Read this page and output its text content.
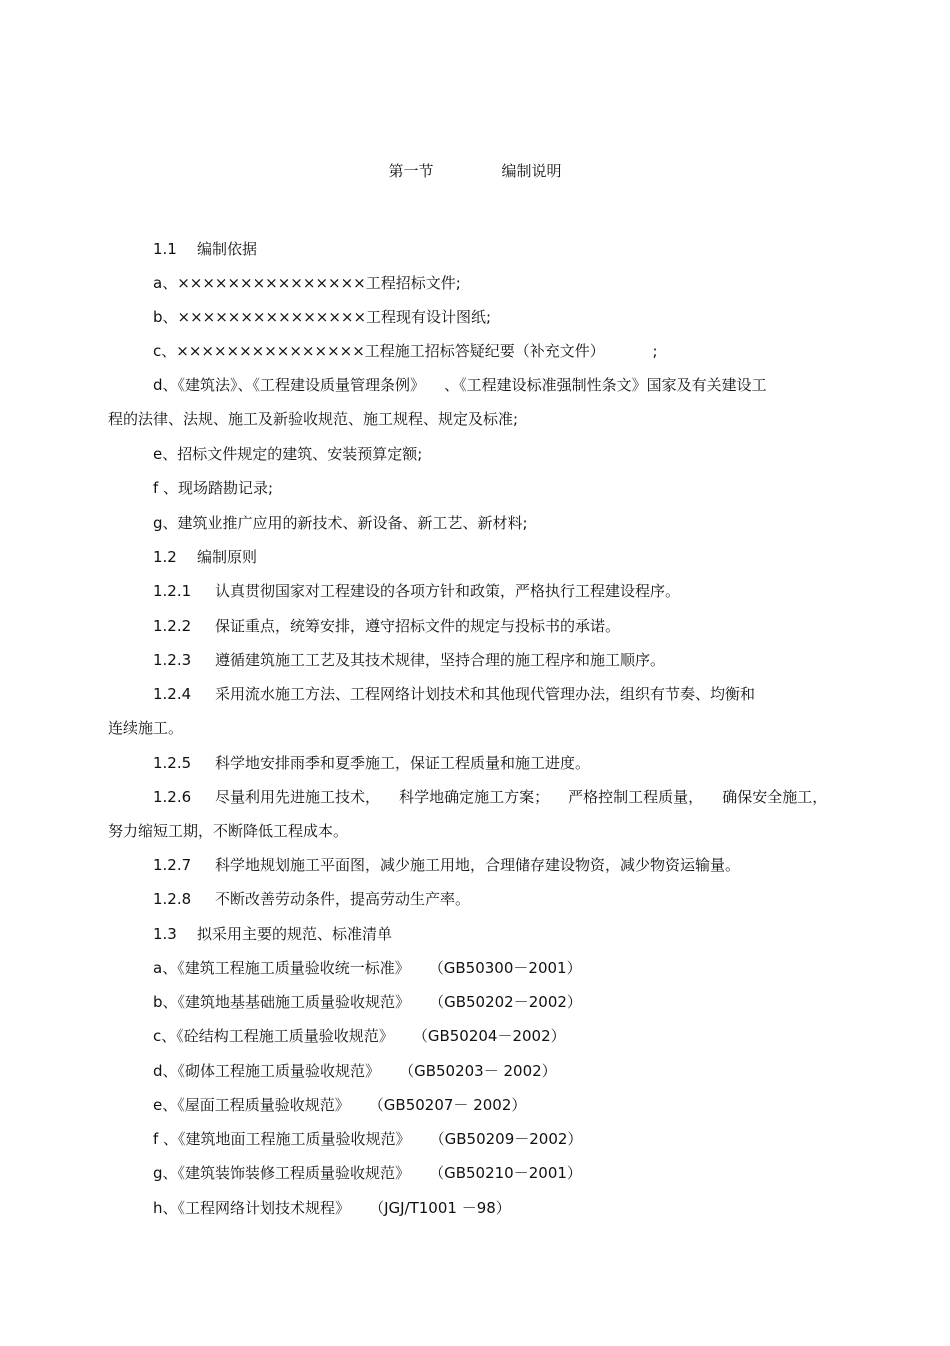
第一节	编制说明
1.1 编制依据
a、×××××××××××××××工程招标文件;
b、×××××××××××××××工程现有设计图纸;
c、×××××××××××××××工程施工招标答疑纪要（补充文件）          ;
d、《建筑法》、《工程建设质量管理条例》    、《工程建设标准强制性条文》国家及有关建设工
程的法律、法规、施工及新验收规范、施工规程、规定及标准;
e、招标文件规定的建筑、安装预算定额;
f 、现场踏勘记录;
g、建筑业推广应用的新技术、新设备、新工艺、新材料;
1.2 编制原则
1.2.1 认真贯彻国家对工程建设的各项方针和政策，严格执行工程建设程序。
1.2.2 保证重点，统筹安排，遵守招标文件的规定与投标书的承诺。
1.2.3 遵循建筑施工工艺及其技术规律，坚持合理的施工程序和施工顺序。
1.2.4 采用流水施工方法、工程网络计划技术和其他现代管理办法，组织有节奏、均衡和
连续施工。
1.2.5 科学地安排雨季和夏季施工，保证工程质量和施工进度。
1.2.6 尽量利用先进施工技术，    科学地确定施工方案；    严格控制工程质量，    确保安全施工，
努力缩短工期，不断降低工程成本。
1.2.7 科学地规划施工平面图，减少施工用地，合理储存建设物资，减少物资运输量。
1.2.8 不断改善劳动条件，提高劳动生产率。
1.3 拟采用主要的规范、标准清单
a、《建筑工程施工质量验收统一标准》    （GB50300－2001）
b、《建筑地基基础施工质量验收规范》    （GB50202－2002）
c、《砼结构工程施工质量验收规范》    （GB50204－2002）
d、《砌体工程施工质量验收规范》    （GB50203－ 2002）
e、《屋面工程质量验收规范》    （GB50207－ 2002）
f 、《建筑地面工程施工质量验收规范》    （GB50209－2002）
g、《建筑装饰装修工程质量验收规范》    （GB50210－2001）
h、《工程网络计划技术规程》    （JGJ/T1001 －98）
